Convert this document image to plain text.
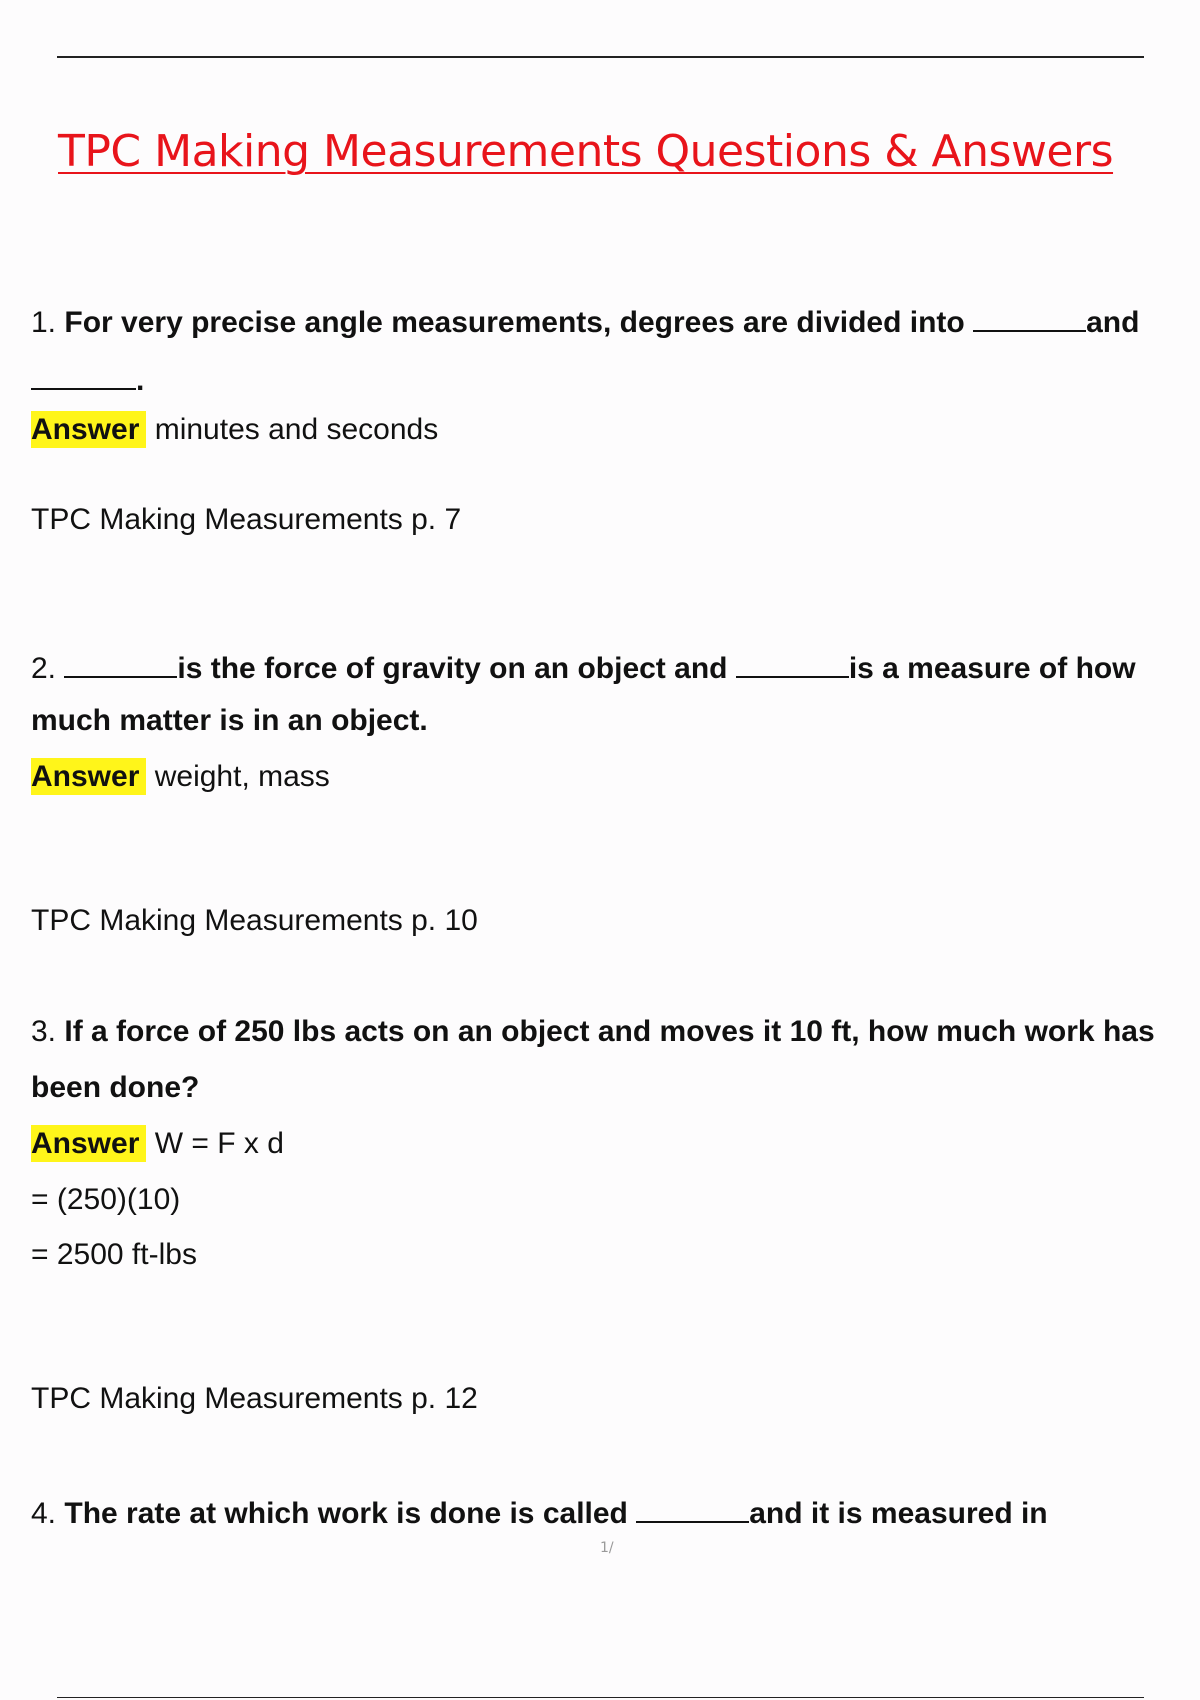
TPC Making Measurements Questions & Answers
1. For very precise angle measurements, degrees are divided into	and
.
Answer minutes and seconds
TPC Making Measurements p. 7
2.	is the force of gravity on an object and	is a measure of how
much matter is in an object.
Answer weight, mass
TPC Making Measurements p. 10
3. If a force of 250 lbs acts on an object and moves it 10 ft, how much work has
been done?
Answer W = F x d
= (250)(10)
= 2500 ft-lbs
TPC Making Measurements p. 12
4. The rate at which work is done is called	and it is measured in
1/
